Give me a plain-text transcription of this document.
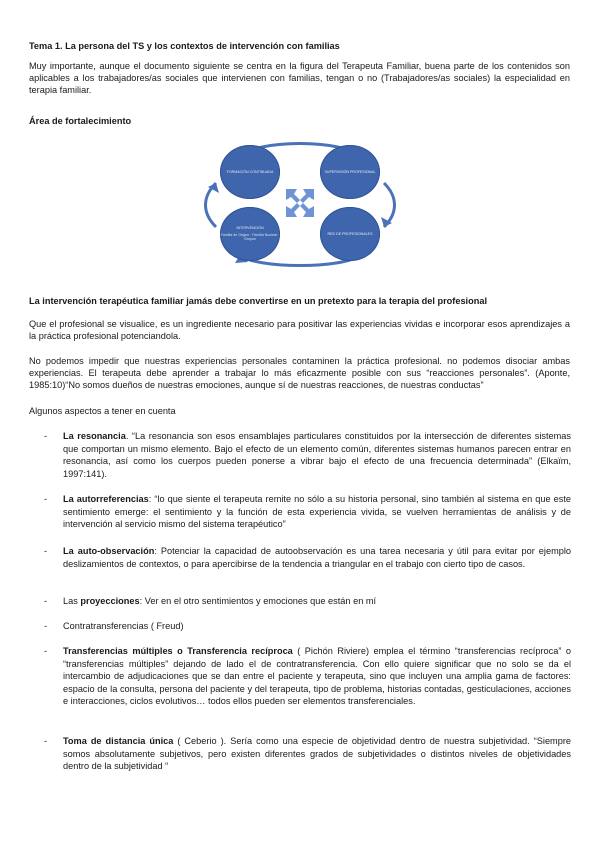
Tema 1. La persona del TS y los contextos de intervención con familias
Muy importante, aunque el documento siguiente se centra en la figura del Terapeuta Familiar, buena parte de los contenidos son aplicables a los trabajadores/as sociales que intervienen con familias, tengan o no (Trabajadores/as sociales) la especialidad en terapia familiar.
Área de fortalecimiento
FORMACIÓN CONTINUADA	SUPERVISIÓN PROFESIONAL
INTERVENCIÓN
Familia de Origen · Familia Nuclear · Grupos
RED DE PROFESIONALES
La intervención terapéutica familiar jamás debe convertirse en un pretexto para la terapia del profesional
Que el profesional se visualice, es un ingrediente necesario para positivar las experiencias vividas e incorporar esos aprendizajes a la práctica profesional potenciandola.
No podemos impedir que nuestras experiencias personales contaminen la práctica profesional. no podemos disociar ambas experiencias. El terapeuta debe aprender a trabajar lo más eficazmente posible con sus “reacciones personales”. (Aponte, 1985:10)“No somos dueños de nuestras emociones, aunque sí de nuestras reacciones, de nuestras conductas”
Algunos aspectos a tener en cuenta
- La resonancia. “La resonancia son esos ensamblajes particulares constituidos por la intersección de diferentes sistemas que comportan un mismo elemento. Bajo el efecto de un elemento común, diferentes sistemas humanos parecen entrar en resonancia, así como los cuerpos pueden ponerse a vibrar bajo el efecto de una frecuencia determinada” (Elkaïm, 1997:141).
- La autorreferencias: “lo que siente el terapeuta remite no sólo a su historia personal, sino también al sistema en que este sentimiento emerge: el sentimiento y la función de esta experiencia vivida, se vuelven herramientas de análisis y de intervención al servicio mismo del sistema terapéutico”
- La auto-observación: Potenciar la capacidad de autoobservación es una tarea necesaria y útil para evitar por ejemplo deslizamientos de contextos, o para apercibirse de la tendencia a triangular en el trabajo con cierto tipo de casos.
- Las proyecciones: Ver en el otro sentimientos y emociones que están en mí
- Contratransferencias ( Freud)
- Transferencias múltiples o Transferencia recíproca ( Pichón Riviere) emplea el término “transferencias recíproca” o “transferencias múltiples” dejando de lado el de contratransferencia. Con ello quiere significar que no solo se da el intercambio de adjudicaciones que se dan entre el paciente y terapeuta, sino que incluyen una amplia gama de factores: espacio de la consulta, persona del paciente y del terapeuta, tipo de problema, historias contadas, gesticulaciones, acciones e interacciones, ciclos evolutivos… todos ellos pueden ser elementos transferenciales.
- Toma de distancia única ( Ceberio ). Sería como una especie de objetividad dentro de nuestra subjetividad. “Siempre somos absolutamente subjetivos, pero existen diferentes grados de subjetividades o distintos niveles de objetividades dentro de la subjetividad “
